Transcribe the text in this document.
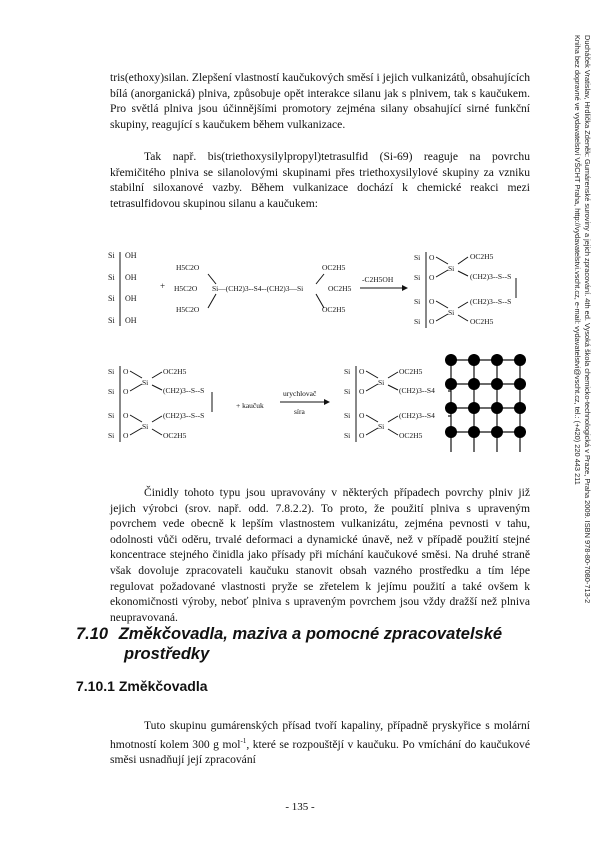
tris(ethoxy)silan. Zlepšení vlastností kaučukových směsí i jejich vulkanizátů, obsahujících bílá (anorganická) plniva, způsobuje opět interakce silanu jak s plnivem, tak s kaučukem. Pro světlá plniva jsou účinnějšími promotory zejména silany obsahující sirné funkční skupiny, reagující s kaučukem během vulkanizace.

Tak např. bis(triethoxysilylpropyl)tetrasulfid (Si-69) reaguje na povrchu křemičitého plniva se silanolovými skupinami přes triethoxysilylové skupiny za vzniku stabilní siloxanové vazby. Během vulkanizace dochází k chemické reakci mezi tetrasulfidovou skupinou silanu a kaučukem:

Si OH
Si OH
Si OH
Si OH
+
H5C2O
H5C2O
H5C2O
Si—(CH2)3--S4--(CH2)3—Si
OC2H5
OC2H5
OC2H5
-C2H5OH
Si O
Si O
Si O
Si O
Si
OC2H5
(CH2)3--S--S
Si
(CH2)3--S--S
OC2H5
Si O
Si O
Si O
Si O
Si
OC2H5
(CH2)3--S--S
Si
(CH2)3--S--S
OC2H5
+ kaučuk
urychlovač
síra
Si O
Si O
Si O
Si O
Si
OC2H5
(CH2)3--S4
Si
(CH2)3--S4
OC2H5

Činidly tohoto typu jsou upravovány v některých případech povrchy plniv již jejich výrobci (srov. např. odd. 7.8.2.2). To proto, že použití plniva s upraveným povrchem vede obecně k lepším vlastnostem vulkanizátu, zejména pevnosti v tahu, odolnosti vůči oděru, trvalé deformaci a dynamické únavě, než v případě použití stejné koncentrace stejného činidla jako přísady při míchání kaučukové směsi. Na druhé straně však dovoluje zpracovateli kaučuku stanovit obsah vazného prostředku a tím lépe regulovat požadované vlastnosti pryže se zřetelem k jejímu použití a také ovšem k ekonomičnosti výroby, neboť plniva s upraveným povrchem jsou vždy dražší než plniva neupravovaná.

7.10 Změkčovadla, maziva a pomocné zpracovatelské
prostředky
7.10.1 Změkčovadla

Tuto skupinu gumárenských přísad tvoří kapaliny, případně pryskyřice s molární hmotností kolem 300 g mol$^{-1}$, které se rozpouštějí v kaučuku. Po vmíchání do kaučukové směsi usnadňují její zpracování

- 135 -
Ducháček Vratislav, Hrdlička Zdeněk: Gumárenské suroviny a jejich zpracování. 4th ed. Vysoká škola chemicko-technologická v Praze, Praha 2009. ISBN 978-80-7080-713-2
Kniha bez dopravné ve vydavatelství VŠCHT Praha, http://vydavatelstvi.vscht.cz, e-mail: vydavatelstvi@vscht.cz, tel.: (+420) 220 443 211
